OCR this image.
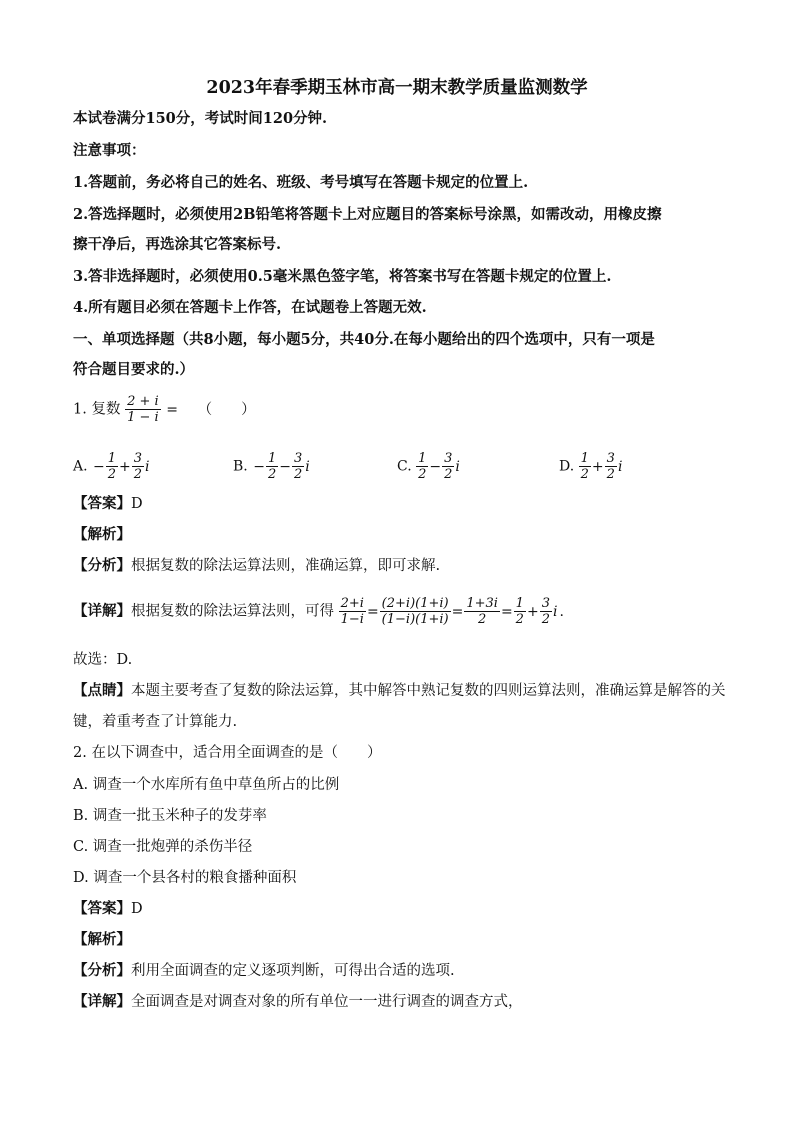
2023年春季期玉林市高一期末教学质量监测数学
本试卷满分150分，考试时间120分钟.
注意事项：
1.答题前，务必将自己的姓名、班级、考号填写在答题卡规定的位置上.
2.答选择题时，必须使用2B铅笔将答题卡上对应题目的答案标号涂黑，如需改动，用橡皮擦
擦干净后，再选涂其它答案标号.
3.答非选择题时，必须使用0.5毫米黑色签字笔，将答案书写在答题卡规定的位置上.
4.所有题目必须在答题卡上作答，在试题卷上答题无效.
一、单项选择题（共8小题，每小题5分，共40分.在每小题给出的四个选项中，只有一项是
符合题目要求的.）
1. 复数 $\frac{2 + i}{1 - i}$ = （　　）
A. − $\frac{1}{2} + \frac{3}{2}$ i	B. − $\frac{1}{2} - \frac{3}{2}$ i	C. $\frac{1}{2} - \frac{3}{2}$ i	D. $\frac{1}{2} + \frac{3}{2}$ i
【答案】D
【解析】
【分析】根据复数的除法运算法则，准确运算，即可求解.
【详解】根据复数的除法运算法则，可得 $\frac{2+i}{1-i} = \frac{(2+i)(1+i)}{(1-i)(1+i)} = \frac{1+3i}{2} = \frac{1}{2} + \frac{3}{2}$ i .
故选：D.
【点睛】本题主要考查了复数的除法运算，其中解答中熟记复数的四则运算法则，准确运算是解答的关
键，着重考查了计算能力.
2. 在以下调查中，适合用全面调查的是（　　）
A. 调查一个水库所有鱼中草鱼所占的比例
B. 调查一批玉米种子的发芽率
C. 调查一批炮弹的杀伤半径
D. 调查一个县各村的粮食播种面积
【答案】D
【解析】
【分析】利用全面调查的定义逐项判断，可得出合适的选项.
【详解】全面调查是对调查对象的所有单位一一进行调查的调查方式，
